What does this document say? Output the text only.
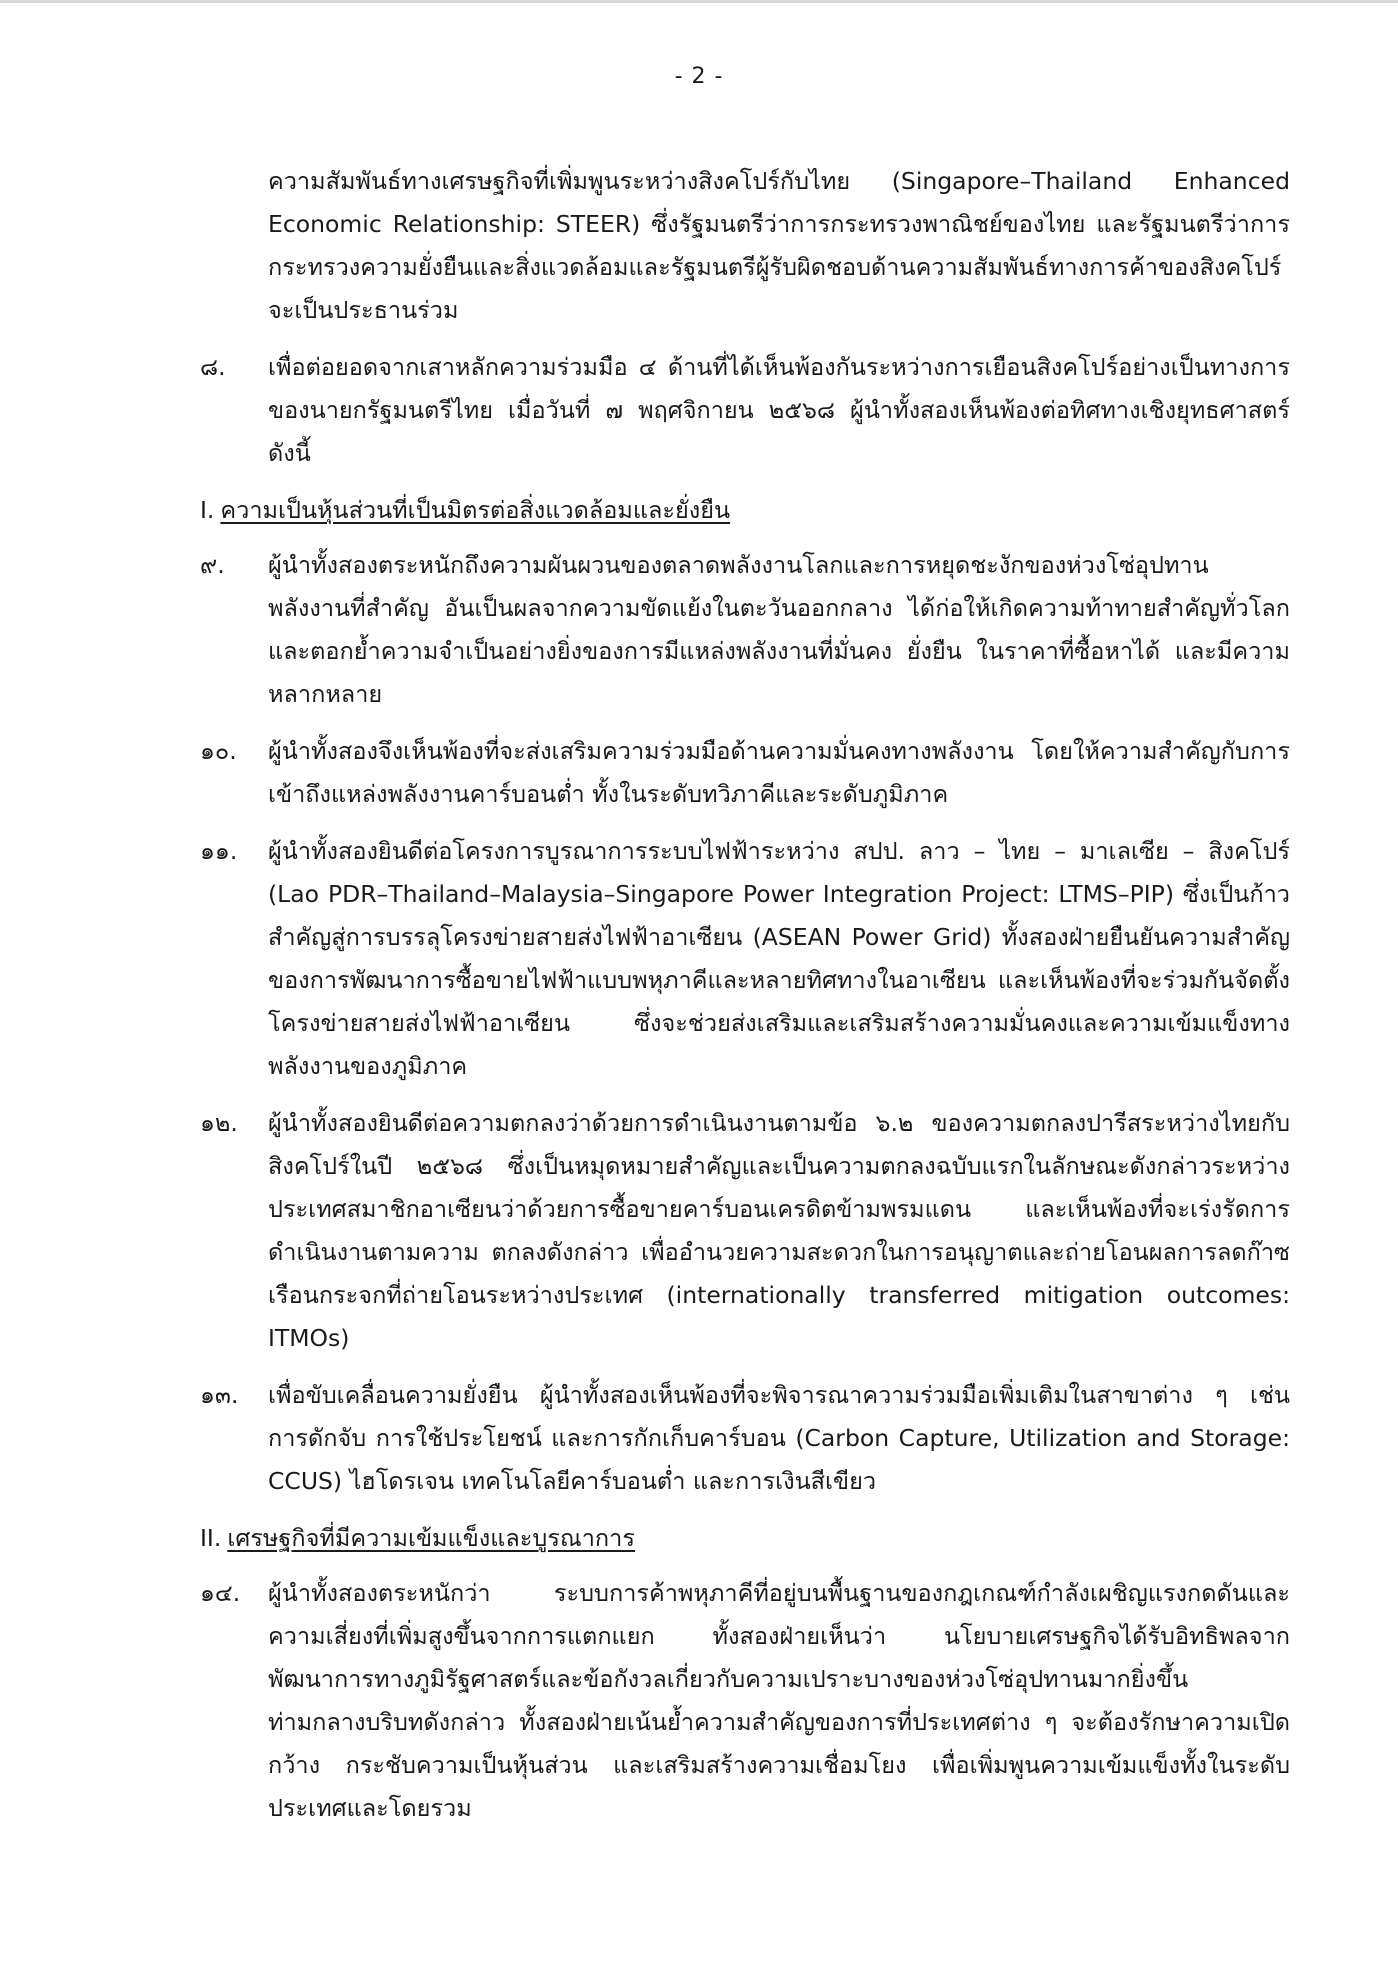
- 2 -

ความสัมพันธ์ทางเศรษฐกิจที่เพิ่มพูนระหว่างสิงคโปร์กับไทย (Singapore–Thailand Enhanced Economic Relationship: STEER) ซึ่งรัฐมนตรีว่าการกระทรวงพาณิชย์ของไทย และรัฐมนตรีว่าการกระทรวงความยั่งยืนและสิ่งแวดล้อมและรัฐมนตรีผู้รับผิดชอบด้านความสัมพันธ์ทางการค้าของสิงคโปร์จะเป็นประธานร่วม

๘.	เพื่อต่อยอดจากเสาหลักความร่วมมือ ๔ ด้านที่ได้เห็นพ้องกันระหว่างการเยือนสิงคโปร์อย่างเป็นทางการของนายกรัฐมนตรีไทย เมื่อวันที่ ๗ พฤศจิกายน ๒๕๖๘ ผู้นำทั้งสองเห็นพ้องต่อทิศทางเชิงยุทธศาสตร์ดังนี้
I. ความเป็นหุ้นส่วนที่เป็นมิตรต่อสิ่งแวดล้อมและยั่งยืน
๙.	ผู้นำทั้งสองตระหนักถึงความผันผวนของตลาดพลังงานโลกและการหยุดชะงักของห่วงโซ่อุปทานพลังงานที่สำคัญ อันเป็นผลจากความขัดแย้งในตะวันออกกลาง ได้ก่อให้เกิดความท้าทายสำคัญทั่วโลก และตอกย้ำความจำเป็นอย่างยิ่งของการมีแหล่งพลังงานที่มั่นคง ยั่งยืน ในราคาที่ซื้อหาได้ และมีความหลากหลาย
๑๐.	ผู้นำทั้งสองจึงเห็นพ้องที่จะส่งเสริมความร่วมมือด้านความมั่นคงทางพลังงาน โดยให้ความสำคัญกับการเข้าถึงแหล่งพลังงานคาร์บอนต่ำ ทั้งในระดับทวิภาคีและระดับภูมิภาค
๑๑.	ผู้นำทั้งสองยินดีต่อโครงการบูรณาการระบบไฟฟ้าระหว่าง สปป. ลาว – ไทย – มาเลเซีย – สิงคโปร์ (Lao PDR–Thailand–Malaysia–Singapore Power Integration Project: LTMS–PIP) ซึ่งเป็นก้าวสำคัญสู่การบรรลุโครงข่ายสายส่งไฟฟ้าอาเซียน (ASEAN Power Grid) ทั้งสองฝ่ายยืนยันความสำคัญของการพัฒนาการซื้อขายไฟฟ้าแบบพหุภาคีและหลายทิศทางในอาเซียน และเห็นพ้องที่จะร่วมกันจัดตั้งโครงข่ายสายส่งไฟฟ้าอาเซียน ซึ่งจะช่วยส่งเสริมและเสริมสร้างความมั่นคงและความเข้มแข็งทางพลังงานของภูมิภาค
๑๒.	ผู้นำทั้งสองยินดีต่อความตกลงว่าด้วยการดำเนินงานตามข้อ ๖.๒ ของความตกลงปารีสระหว่างไทยกับสิงคโปร์ในปี ๒๕๖๘ ซึ่งเป็นหมุดหมายสำคัญและเป็นความตกลงฉบับแรกในลักษณะดังกล่าวระหว่างประเทศสมาชิกอาเซียนว่าด้วยการซื้อขายคาร์บอนเครดิตข้ามพรมแดน และเห็นพ้องที่จะเร่งรัดการดำเนินงานตามความ ตกลงดังกล่าว เพื่ออำนวยความสะดวกในการอนุญาตและถ่ายโอนผลการลดก๊าซเรือนกระจกที่ถ่ายโอนระหว่างประเทศ (internationally transferred mitigation outcomes: ITMOs)
๑๓.	เพื่อขับเคลื่อนความยั่งยืน ผู้นำทั้งสองเห็นพ้องที่จะพิจารณาความร่วมมือเพิ่มเติมในสาขาต่าง ๆ เช่น การดักจับ การใช้ประโยชน์ และการกักเก็บคาร์บอน (Carbon Capture, Utilization and Storage: CCUS) ไฮโดรเจน เทคโนโลยีคาร์บอนต่ำ และการเงินสีเขียว
II. เศรษฐกิจที่มีความเข้มแข็งและบูรณาการ
๑๔.	ผู้นำทั้งสองตระหนักว่า ระบบการค้าพหุภาคีที่อยู่บนพื้นฐานของกฎเกณฑ์กำลังเผชิญแรงกดดันและความเสี่ยงที่เพิ่มสูงขึ้นจากการแตกแยก ทั้งสองฝ่ายเห็นว่า นโยบายเศรษฐกิจได้รับอิทธิพลจากพัฒนาการทางภูมิรัฐศาสตร์และข้อกังวลเกี่ยวกับความเปราะบางของห่วงโซ่อุปทานมากยิ่งขึ้น ท่ามกลางบริบทดังกล่าว ทั้งสองฝ่ายเน้นย้ำความสำคัญของการที่ประเทศต่าง ๆ จะต้องรักษาความเปิดกว้าง กระชับความเป็นหุ้นส่วน และเสริมสร้างความเชื่อมโยง เพื่อเพิ่มพูนความเข้มแข็งทั้งในระดับประเทศและโดยรวม
